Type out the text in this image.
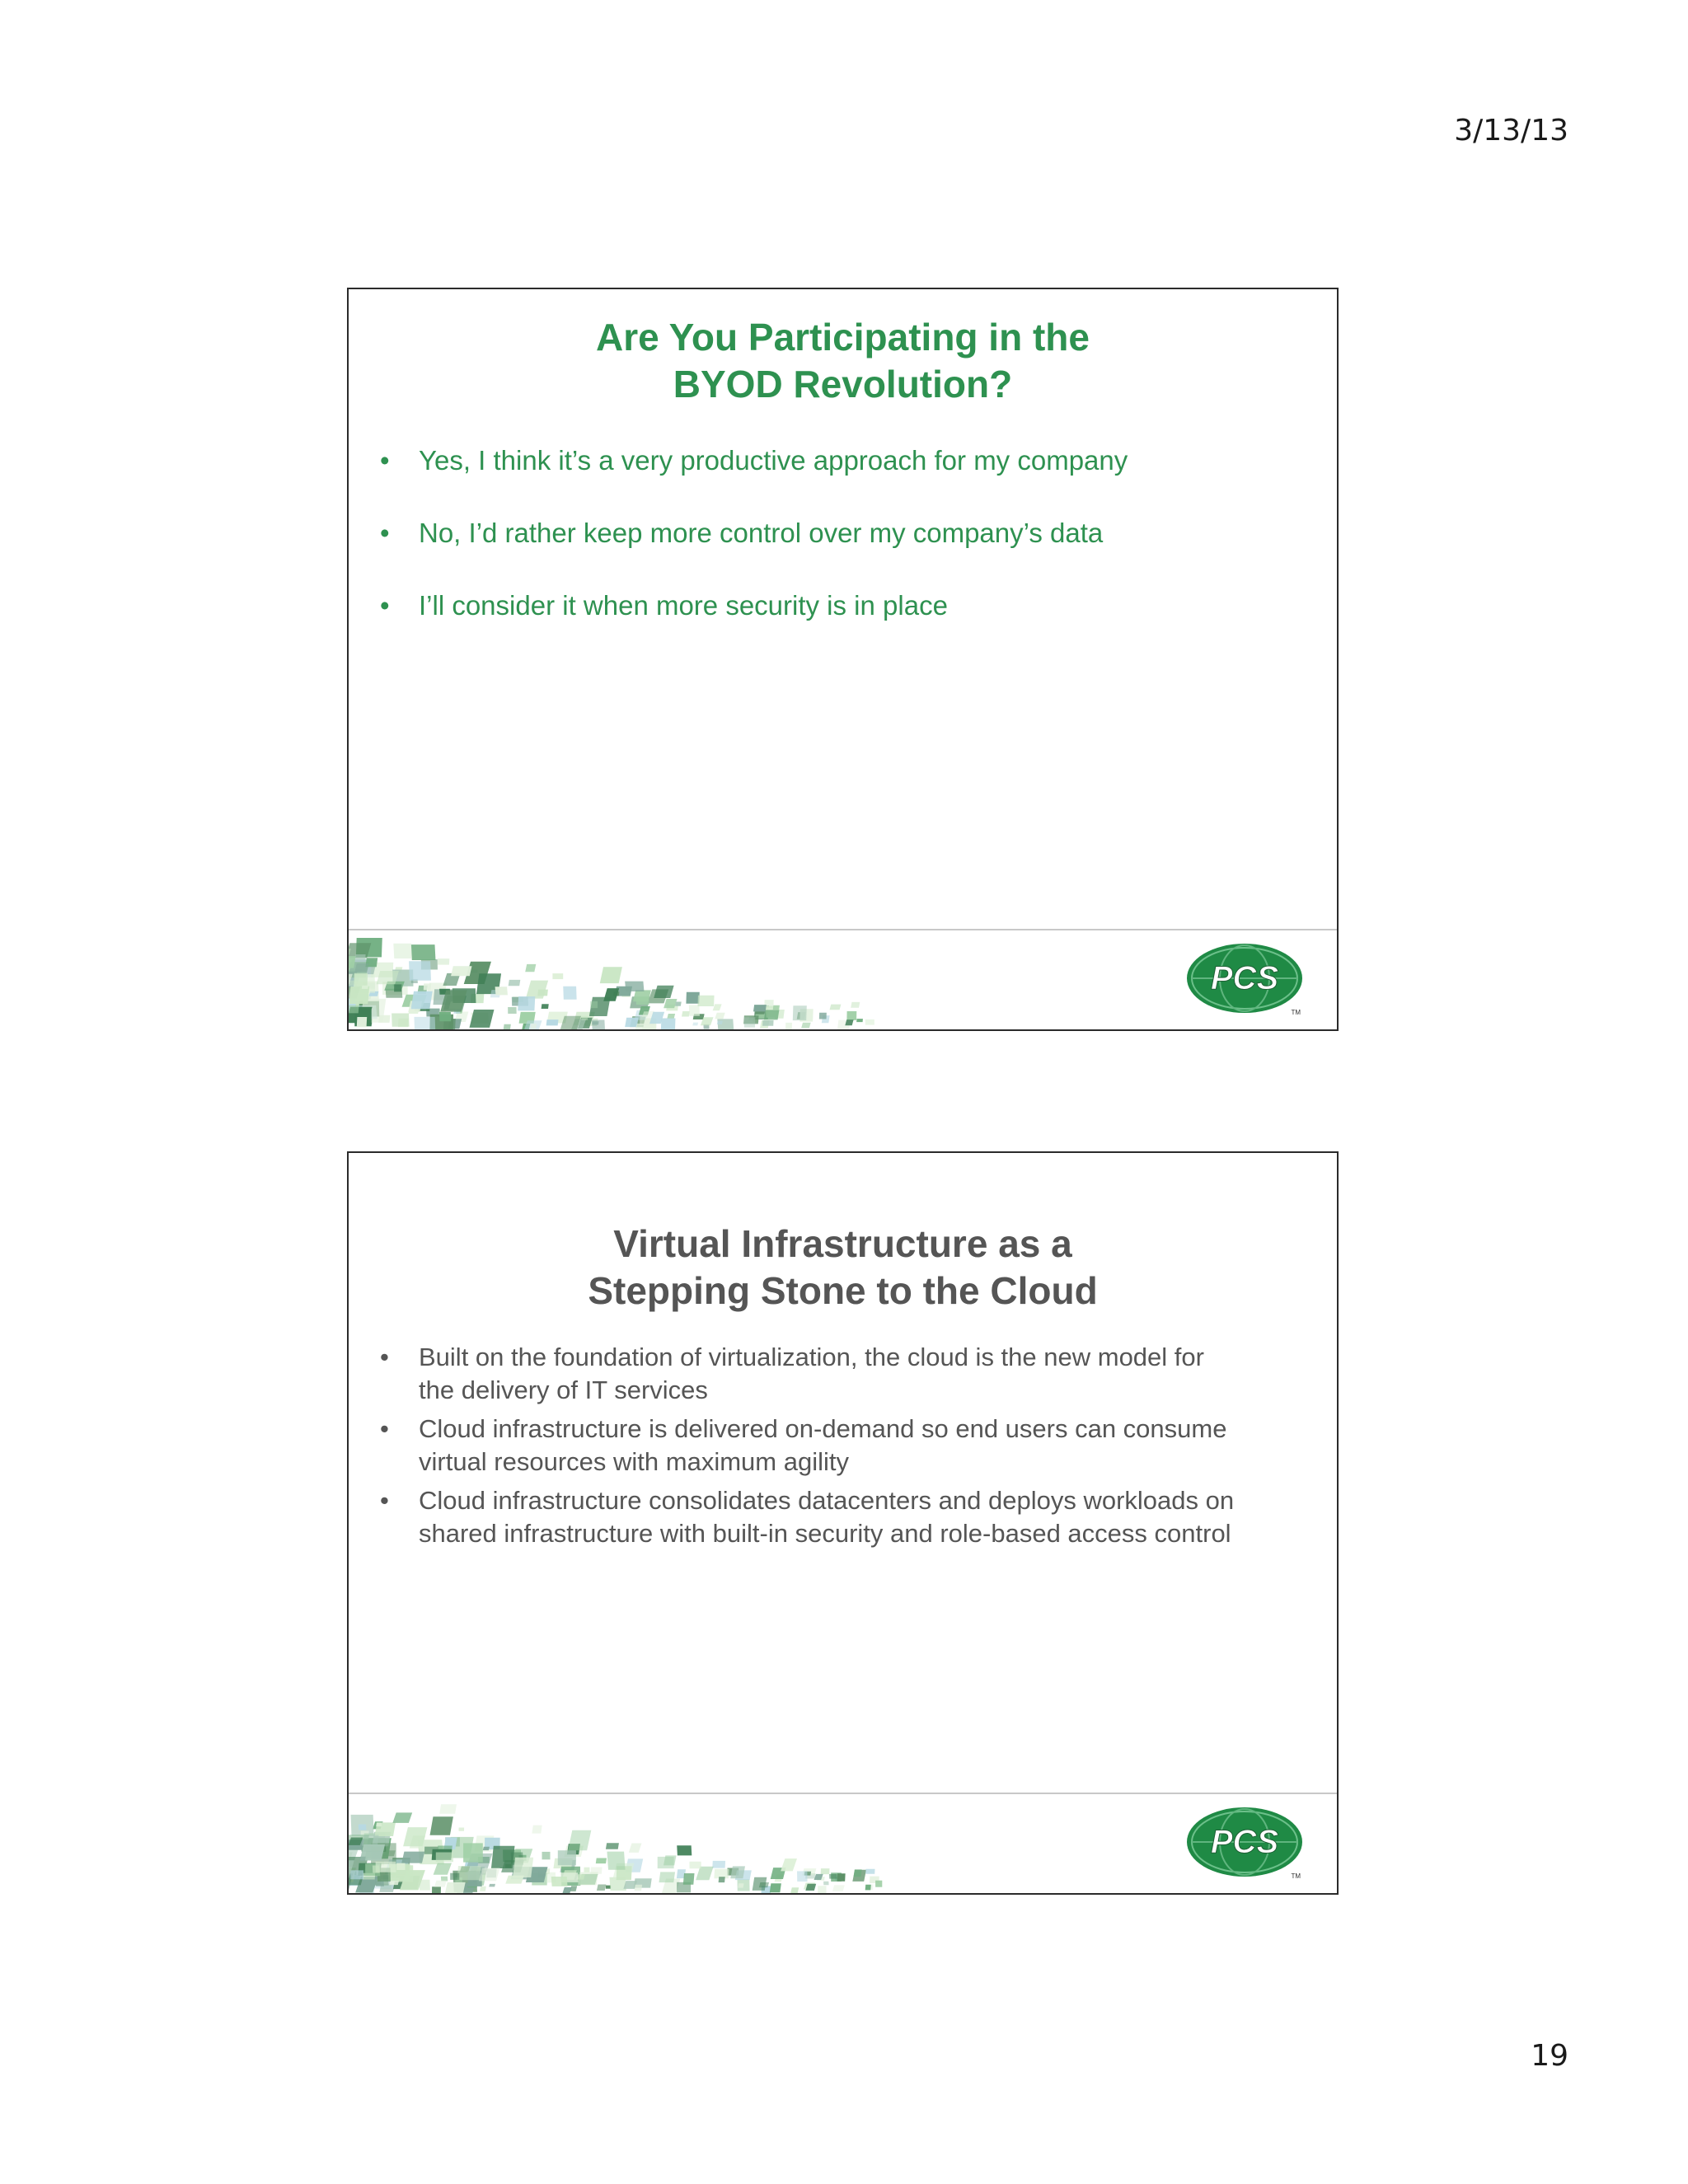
3/13/13
Are You Participating in the
BYOD Revolution?
• Yes, I think it’s a very productive approach for my company
• No, I’d rather keep more control over my company’s data
• I’ll consider it when more security is in place
PCS
TM
Virtual Infrastructure as a
Stepping Stone to the Cloud
• Built on the foundation of virtualization, the cloud is the new model for
the delivery of IT services
• Cloud infrastructure is delivered on-demand so end users can consume
virtual resources with maximum agility
• Cloud infrastructure consolidates datacenters and deploys workloads on
shared infrastructure with built-in security and role-based access control
PCS
TM
19
